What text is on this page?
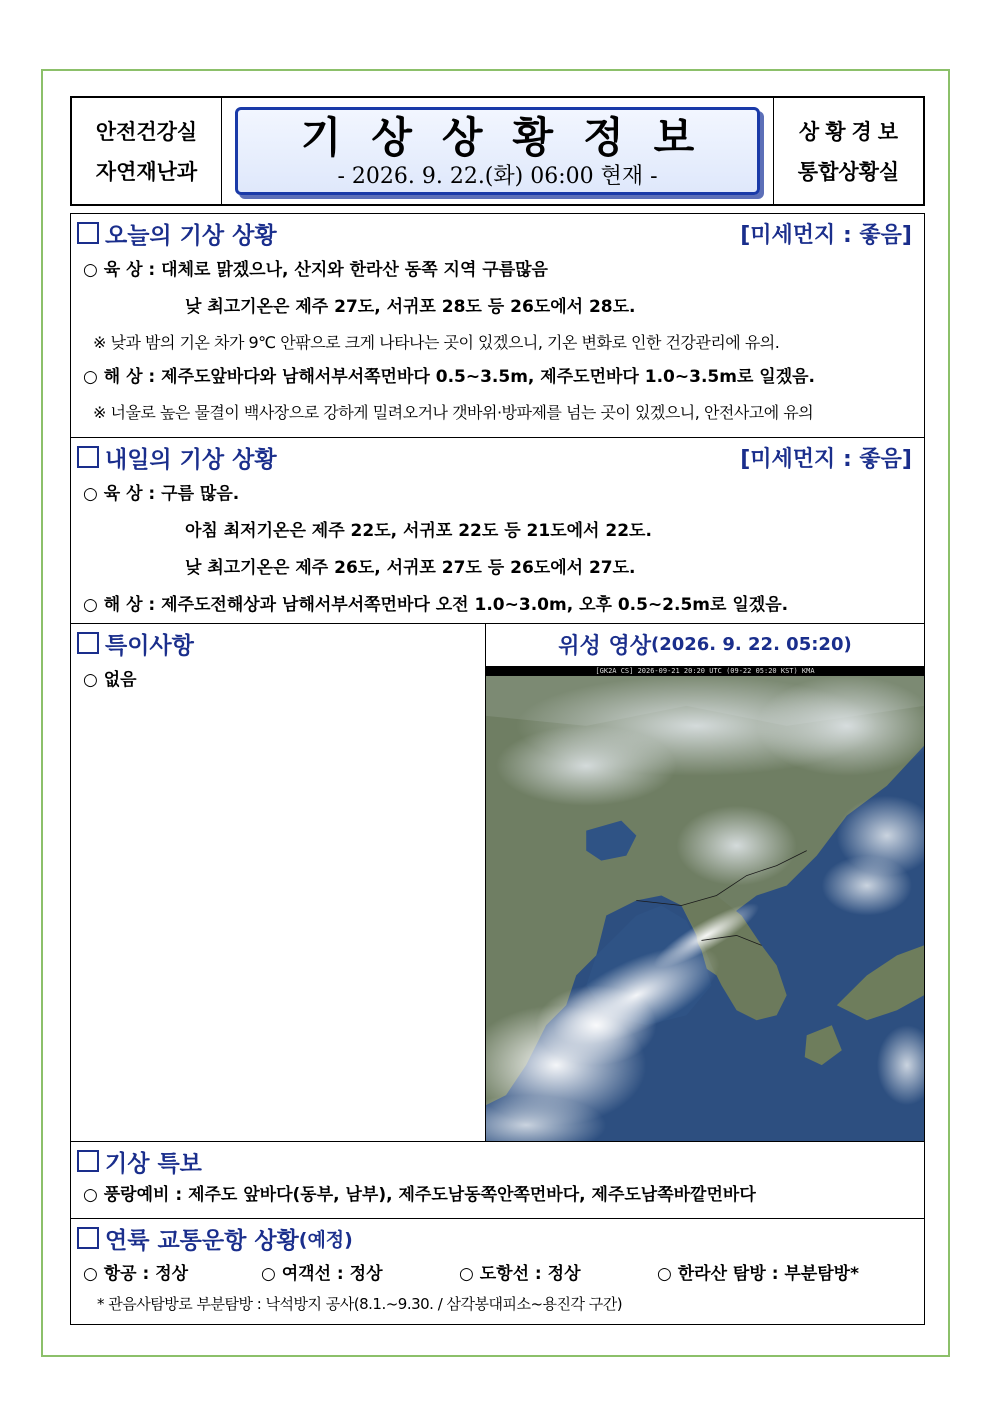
안전건강실
자연재난과
기상상황정보
- 2026. 9. 22.(화) 06:00 현재 -
상황경보
통합상황실
오늘의 기상 상황	[미세먼지 : 좋음]
○ 육 상 : 대체로 맑겠으나, 산지와 한라산 동쪽 지역 구름많음
낮 최고기온은 제주 27도, 서귀포 28도 등 26도에서 28도.
※ 낮과 밤의 기온 차가 9℃ 안팎으로 크게 나타나는 곳이 있겠으니, 기온 변화로 인한 건강관리에 유의.
○ 해 상 : 제주도앞바다와 남해서부서쪽먼바다 0.5~3.5m, 제주도먼바다 1.0~3.5m로 일겠음.
※ 너울로 높은 물결이 백사장으로 강하게 밀려오거나 갯바위·방파제를 넘는 곳이 있겠으니, 안전사고에 유의
내일의 기상 상황	[미세먼지 : 좋음]
○ 육 상 : 구름 많음.
아침 최저기온은 제주 22도, 서귀포 22도 등 21도에서 22도.
낮 최고기온은 제주 26도, 서귀포 27도 등 26도에서 27도.
○ 해 상 : 제주도전해상과 남해서부서쪽먼바다 오전 1.0~3.0m, 오후 0.5~2.5m로 일겠음.
특이사항
○ 없음
위성 영상 (2026. 9. 22. 05:20)
[GK2A CS] 2026-09-21 20:20 UTC (09-22 05:20 KST) KMA
기상 특보
○ 풍랑예비 : 제주도 앞바다(동부, 남부), 제주도남동쪽안쪽먼바다, 제주도남쪽바깥먼바다
연륙 교통운항 상황 (예정)
○ 항공 : 정상	○ 여객선 : 정상	○ 도항선 : 정상	○ 한라산 탐방 : 부분탐방*
* 관음사탐방로 부분탐방 : 낙석방지 공사(8.1.~9.30. / 삼각봉대피소~용진각 구간)
